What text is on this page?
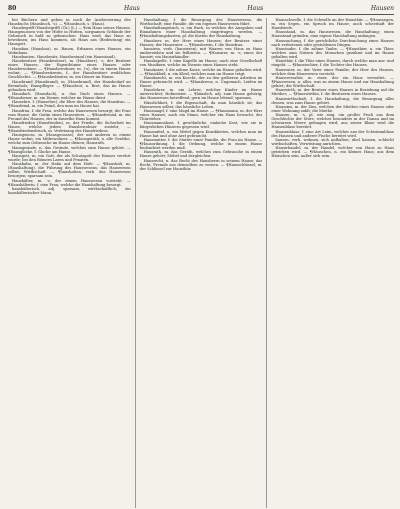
80	Haus	Haus	Hausen

bei Büchern und gehen in noch ihr Ausbesserung des Hausbuchs (Hausbuch, -s). — ¶Hausbuch, s. (Haus).

Hausbegriff (Hausbegriff) (Gr.) (L.) — ¶ein Haus seines Hauses, Hausgenossen von der Hütte in Hütten, sorgsamen Gebäude der Gebrauch in bald zu gebrauchen. Haus wird, das Haus zu bewohnen; ins Haus kommen, als Haus ans (Bedeutung) ein Hausgott.

Hausbau (Hausbau), m. Bauen, Erbauen eines Hauses, ein Wohnhaus.

Hausbauten, Hausbesitz, Hausbestand (ein Hausstand).

Hausbesitzer (Hausbesitzer), m. (Hausherr), -s; der Besitzer eines Hauses; der Eigenthümer eines Hauses oder Hausbewohner. — ¶Hausbewohner, m. (-s), der in einem Hause wohnt; — ¶Hausbesitzerin, f., der Hausbesitzer weiblichen Geschlechts. — ¶Hausbedienter, m. ein Diener im Hause.

Hausbrand (Hausbrand), m. (Hausbrand), der Hausbedarf an Brennholz; Hauspfleger. — ¶Hausbrot, n. Brot, das im Hause gebacken wird.

Hausdach (Hausdach), n. das Dach eines Hauses. — ¶Hausdiener, m. ein Diener, welcher im Hause dient.

Hausehre, f. (Hausehre), die Ehre des Hauses; die Hausfrau. — ¶Hausfeind, m. ein Feind, den man im Hause hat.

Hausfrau, f. die Frau, welche das Hauswesen besorgt; die Frau vom Hause; die Gattin eines Hausvaters. — ¶Hausfreund, m. ein Freund des Hauses, der in dasselbe Haus kommt.

Hausfrieden (Hausfrieden), m. der Friede, die Sicherheit im Hause, welche jedem Hausbewohner zusteht; — ¶Hausfriedensbruch, m. Verletzung des Hausfriedens.

Hausgenoss, m. (Hausgenosse), der mit anderen in einem Hause wohnt, ein Mitbewohner. — ¶Hausgeräth, n. alle Geräthe, welche zum Gebrauche im Hause dienen; Hausrath.

Hausgesinde, n. das Gesinde, welches zum Hause gehört. — ¶Hausglocke, f. Glocke am Hause.

Hausgott, m. ein Gott, der als Schutzgott des Hauses verehrt wurde; bei den Römern Laren und Penaten.

Haushahn, m. der Hahn auf dem Hofe. — ¶Haushalt, m. (Haushaltung), die Führung des Hauswesens; das Hauswesen selbst; Wirthschaft. — ¶haushalten, verb. das Hauswesen besorgen; sparsam sein.

Haushälter, m. -s; der einem Hauswesen vorsteht; — ¶Haushälterin, f. eine Frau, welche die Haushaltung besorgt.

haushälterisch, adj. sparsam, wirthschaftlich; ein haushälterischer Mann.

Haushaltung, f. die Besorgung des Hauswesens; die Wirthschaft; eine Familie, die ein eigenes Hauswesen führt.

Haushaltungsbuch, n. ein Buch, in welches die Ausgaben und Einnahmen einer Haushaltung eingetragen werden. — ¶Haushaltungskosten, pl. die Kosten der Haushaltung.

Hausherr, m. der Herr eines Hauses; der Besitzer eines Hauses; der Hausvater. — ¶Hausherrin, f. die Hausfrau.

hausiren, verb. (hausieren), mit Waaren von Haus zu Haus umherziehen und sie feilbieten. — ¶Hausirer, m. -s; einer, der hausirt; ein Hausirhändler.

Hauskapelle, f. eine Kapelle im Hause; auch eine Gesellschaft von Musikern, welche im Dienste eines Hauses steht.

Hauskatze, f. die zahme Katze, welche im Hause gehalten wird. — ¶Hauskleid, n. ein Kleid, welches man im Hause trägt.

Hausknecht, m. ein Knecht, der zu den gröberen Arbeiten im Hause gebraucht wird. — ¶Hauskreuz, n. Ungemach, Leiden im Hause.

Hauslehrer, m. ein Lehrer, welcher Kinder im Hause unterrichtet; Hofmeister. — ¶häuslich, adj. zum Hause gehörig; das Hauswesen betreffend; gern im Hause lebend; sparsam.

Häuslichkeit, f. die Eigenschaft, da man häuslich ist; das Hauswesen selbst; das häusliche Leben.

Hausmagd, f. eine Magd im Hause. — ¶Hausmann, m. der Herr eines Hauses; auch ein Mann, welcher ein Haus bewacht, der Thürsteher.

Hausmannskost, f. gewöhnliche, einfache Kost, wie sie in bürgerlichen Häusern gegessen wird.

Hausmittel, n. ein Mittel gegen Krankheiten, welches man im Hause hat und ohne Arzt gebraucht.

Hausmutter, f. die Mutter einer Familie, die Frau im Hause. — ¶Hausordnung, f. die Ordnung, welche in einem Hause beobachtet werden muß.

Hausrath, m. das Geräth, welches zum Gebrauche in einem Hause gehört; Möbel und dergleichen.

Hausrecht, n. das Recht des Hausherrn in seinem Hause; das Recht, Fremde aus demselben zu weisen. — ¶Hausschlüssel, m. der Schlüssel zur Hausthür.

Hausschwelle, f. die Schwelle an der Hausthür. — ¶Haussegen, m. ein Segen, ein Spruch im Hause; auch scherzhaft der Hausfriede.

Hausstand, m. das Hauswesen, die Haushaltung; einen Hausstand gründen, eine eigene Haushaltung anfangen.

Haussuchung, f. die gerichtliche Durchsuchung eines Hauses nach verbotenen oder gestohlenen Dingen.

Haustaube, f. die zahme Taube. — ¶Hausthier, n. ein Thier, welches zum Nutzen des Menschen gezähmt und im Hause gehalten wird.

Hausthür, f. die Thür eines Hauses, durch welche man aus- und eingeht. — ¶Haustochter, f. die Tochter des Hauses.

Hausvater, m. der Vater einer Familie; der Herr des Hauses, welcher dem Hauswesen vorsteht.

Hausverwalter, m. einer, der ein Haus verwaltet. — ¶Hauswesen, n. alles, was zu einem Hause und zur Haushaltung gehört; die Wirthschaft.

Hauswirth, m. der Besitzer eines Hauses in Beziehung auf die Miether; — ¶Hauswirthin, f. die Besitzerin eines Hauses.

Hauswirthschaft, f. die Haushaltung; die Besorgung alles dessen, was zum Hause gehört.

Hauszins, m. der Zins, welchen der Miether eines Hauses oder einer Wohnung zahlt; die Miethe.

Hausen, m. -s, pl. wie sing. ein großer Fisch aus dem Geschlechte der Störe, welcher besonders in der Donau und im schwarzen Meere gefangen wird; aus seiner Blase wird die Hausenblase bereitet.

Hausenblase, f. eine Art Leim, welcher aus der Schwimmblase des Hausen und anderer Fische bereitet wird.

hausen, verb. wohnen, sich aufhalten; übel hausen, schlecht wirthschaften, Verwüstung anrichten.

Hausirhandel, m. der Handel, welcher von Haus zu Haus getrieben wird. — ¶Häuschen, n. ein kleines Haus; aus dem Häuschen sein, außer sich sein.
